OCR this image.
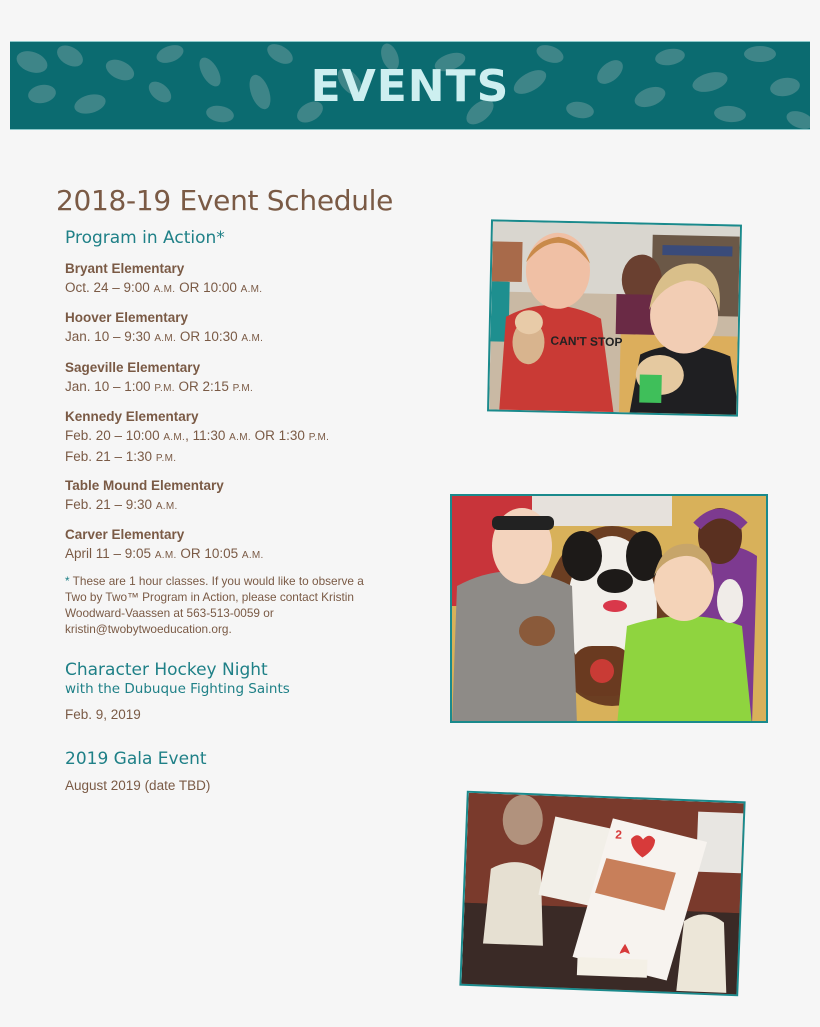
EVENTS
2018-19 Event Schedule
Program in Action*
Bryant Elementary
Oct. 24 – 9:00 A.M. OR 10:00 A.M.
Hoover Elementary
Jan. 10 – 9:30 A.M. OR 10:30 A.M.
Sageville Elementary
Jan. 10 – 1:00 P.M. OR 2:15 P.M.
Kennedy Elementary
Feb. 20 – 10:00 A.M., 11:30 A.M. OR 1:30 P.M.
Feb. 21 – 1:30 P.M.
Table Mound Elementary
Feb. 21 – 9:30 A.M.
Carver Elementary
April 11 – 9:05 A.M. OR 10:05 A.M.
* These are 1 hour classes. If you would like to observe a Two by Two™ Program in Action, please contact Kristin Woodward-Vaassen at 563-513-0059 or kristin@twobytwoeducation.org.
Character Hockey Night
with the Dubuque Fighting Saints
Feb. 9, 2019
2019 Gala Event
August 2019 (date TBD)
CAN'T STOP
2
